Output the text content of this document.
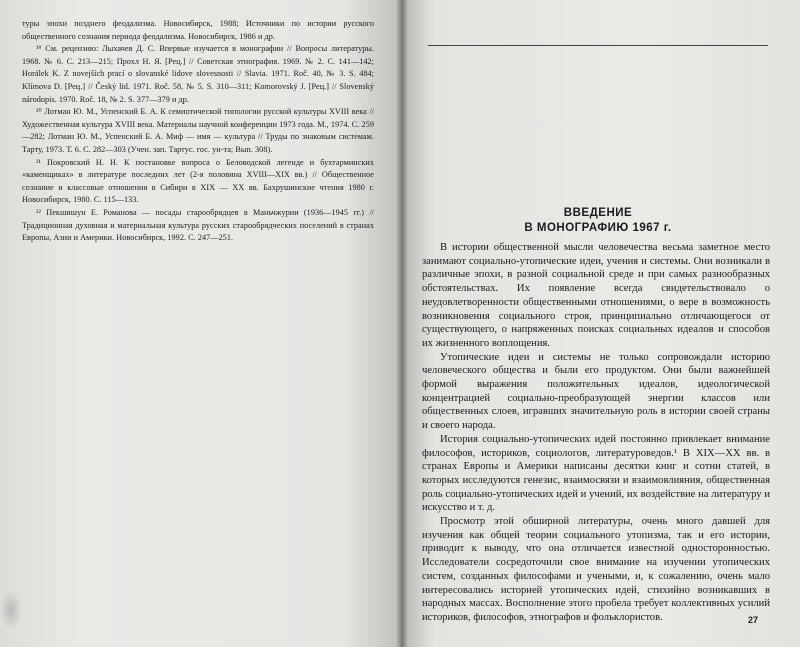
туры эпохи позднего феодализма. Новосибирск, 1988; Источники по истории русского общественного сознания периода феодализма. Новосибирск, 1986 и др.

¹⁹ См. рецензию: Лыхачев Д. С. Впервые изучается в монографии // Вопросы литературы. 1968. № 6. С. 213—215; Прохл Н. Я. [Рец.] // Советская этнография. 1969. № 2. С. 141—142; Horálek K. Z novejších prací o slovanské lidove slovesnosti // Slavia. 1971. Roč. 40, № 3. S. 484; Klímova D. [Рец.] // Český lid. 1971. Roč. 58, № 5. S. 310—311; Komorovský J. [Рец.] // Slovenský národopis. 1970. Roč. 18, № 2. S. 377—379 и др.

²⁰ Лотман Ю. М., Успенский Б. А. К семиотической типологии русской культуры XVIII века // Художественная культура XVIII века. Материалы научной конференции 1973 года. М., 1974. С. 259—282; Лотман Ю. М., Успенский Б. А. Миф — имя — культура // Труды по знаковым системам. Тарту, 1973. Т. 6. С. 282—303 (Учен. зап. Тартус. гос. ун-та; Вып. 308).

²¹ Покровский Н. Н. К постановке вопроса о Беловодской легенде и бухтарминских «каменщиках» в литературе последних лет (2-я половина XVIII—XIX вв.) // Общественное сознание и классовые отношения в Сибири в XIX — XX вв. Бахрушинские чтения 1980 г. Новосибирск, 1980. С. 115—133.

²² Пекшишун Е. Романова — посады старообрядцев в Маньчжурии (1936—1945 гг.) // Традиционная духовная и материальная культура русских старообрядческих поселений в странах Европы, Азии и Америки. Новосибирск, 1992. С. 247—251.

ВВЕДЕНИЕ
В МОНОГРАФИЮ 1967 г.

В истории общественной мысли человечества весьма заметное место занимают социально-утопические идеи, учения и системы. Они возникали в различные эпохи, в разной социальной среде и при самых разнообразных обстоятельствах. Их появление всегда свидетельствовало о неудовлетворенности общественными отношениями, о вере в возможность возникновения социального строя, принципиально отличающегося от существующего, о напряженных поисках социальных идеалов и способов их жизненного воплощения.

Утопические идеи и системы не только сопровождали историю человеческого общества и были его продуктом. Они были важнейшей формой выражения положительных идеалов, идеологической концентрацией социально-преобразующей энергии классов или общественных слоев, игравших значительную роль в истории своей страны и своего народа.

История социально-утопических идей постоянно привлекает внимание философов, историков, социологов, литературоведов.¹ В XIX—XX вв. в странах Европы и Америки написаны десятки книг и сотни статей, в которых исследуются генезис, взаимосвязи и взаимовлияния, общественная роль социально-утопических идей и учений, их воздействие на литературу и искусство и т. д.

Просмотр этой обширной литературы, очень много давшей для изучения как общей теории социального утопизма, так и его истории, приводит к выводу, что она отличается известной односторонностью. Исследователи сосредоточили свое внимание на изучении утопических систем, созданных философами и учеными, и, к сожалению, очень мало интересовались историей утопических идей, стихийно возникавших в народных массах. Восполнение этого пробела требует коллективных усилий историков, философов, этнографов и фольклористов.	27
